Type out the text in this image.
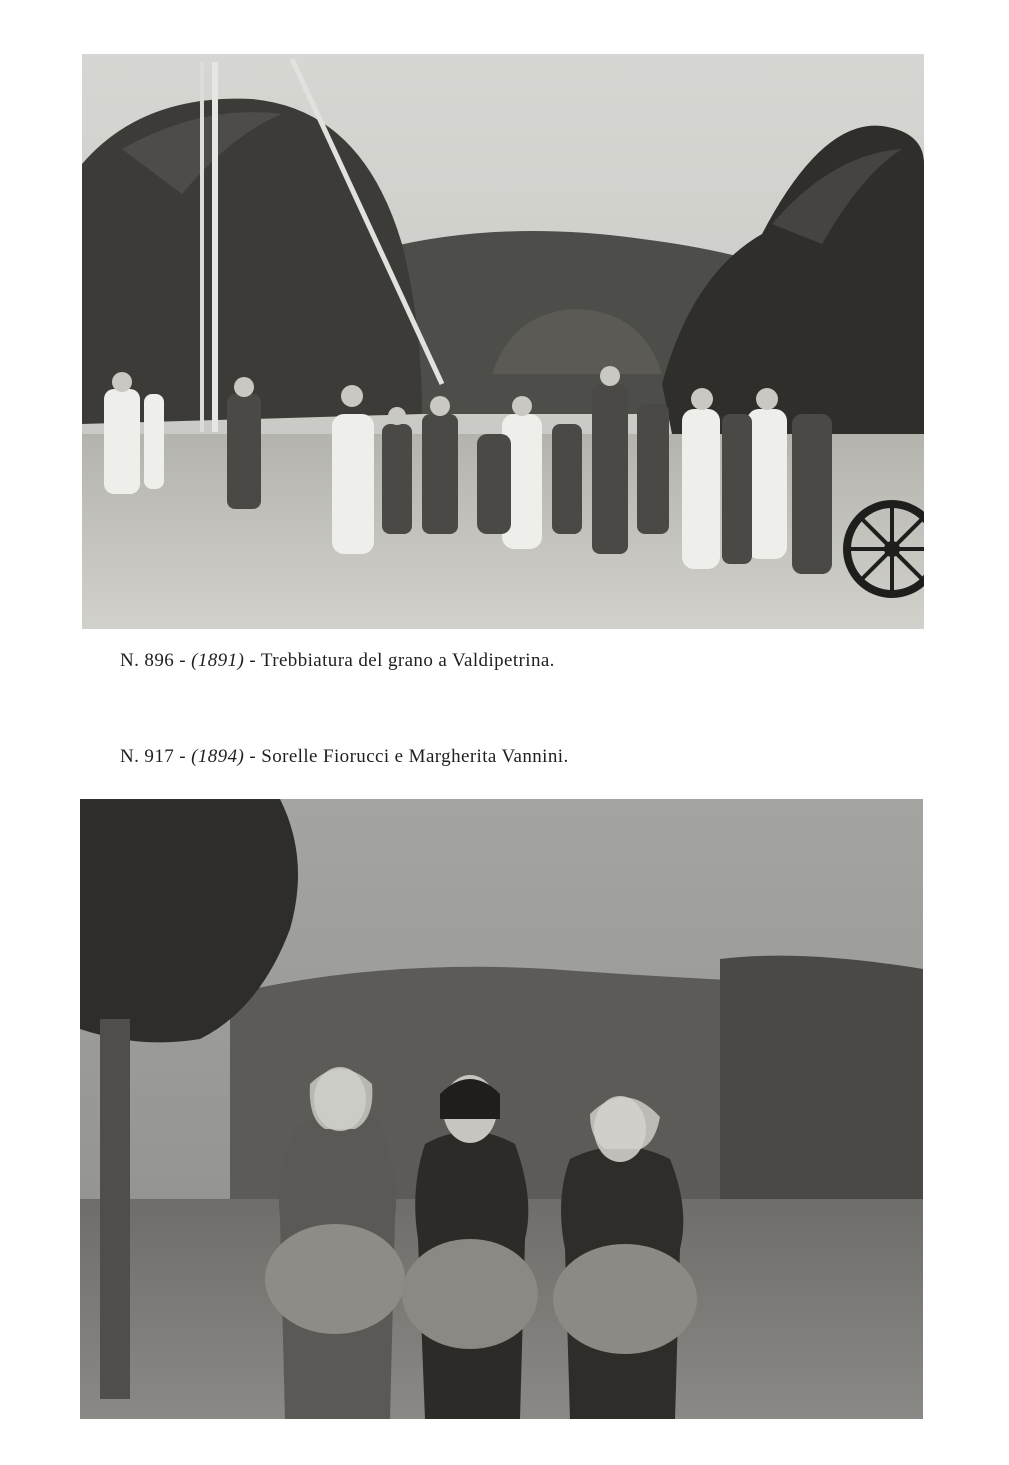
N. 896 - (1891) - Trebbiatura del grano a Valdipetrina.
N. 917 - (1894) - Sorelle Fiorucci e Margherita Vannini.
